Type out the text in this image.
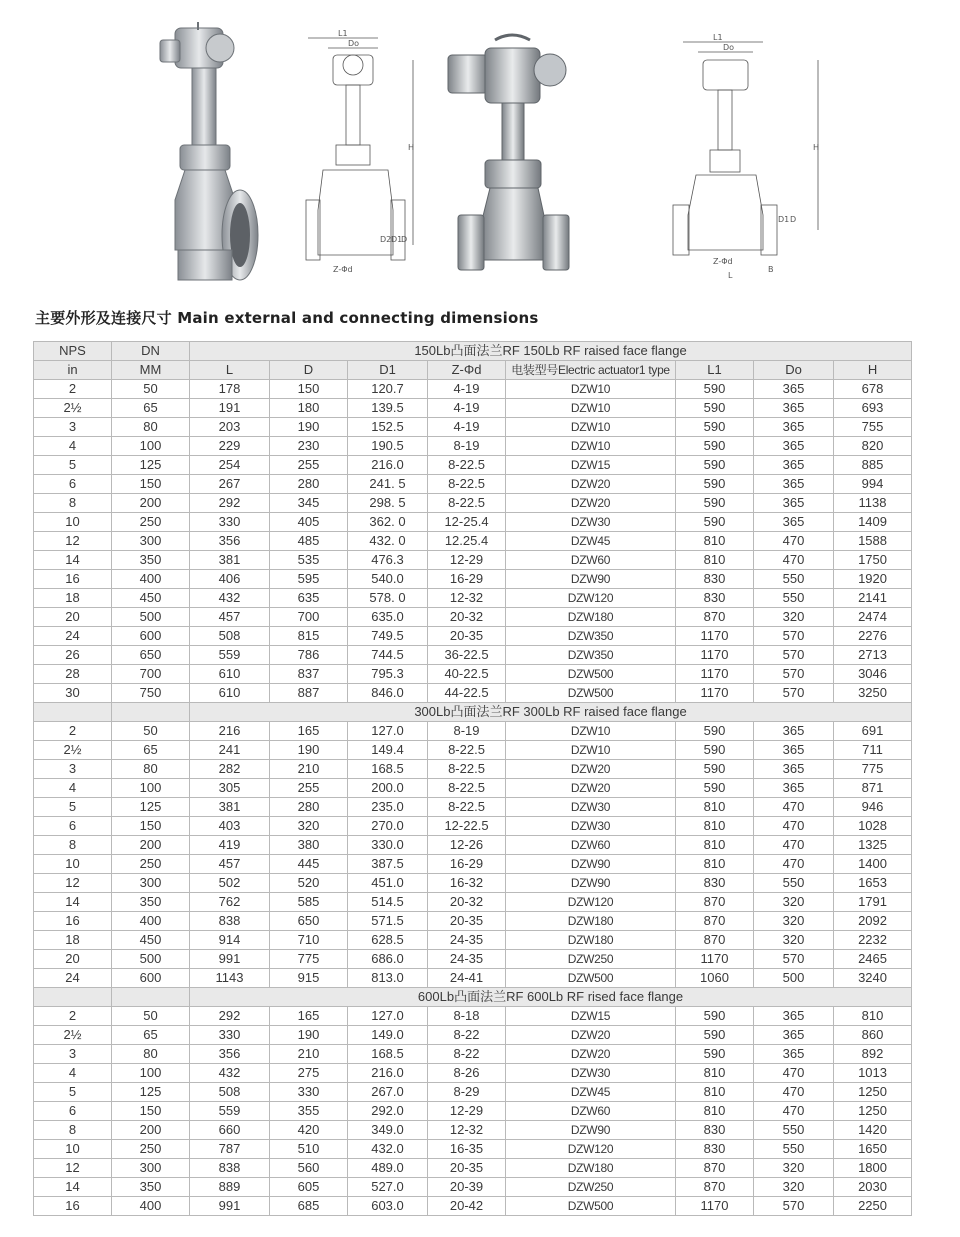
L1
Do
H
D2 D1
D
Z-Φd
L1
Do
H
D1 D
Z-Φd
L
B
主要外形及连接尺寸 Main external and connecting dimensions
NPS	DN	150Lb凸面法兰RF 150Lb RF raised face flange							
in	MM	L	D	D1	Z-Φd	电装型号Electric actuator1 type	L1	Do	H
2	50	178	150	120.7	4-19	DZW10	590	365	678
2½	65	191	180	139.5	4-19	DZW10	590	365	693
3	80	203	190	152.5	4-19	DZW10	590	365	755
4	100	229	230	190.5	8-19	DZW10	590	365	820
5	125	254	255	216.0	8-22.5	DZW15	590	365	885
6	150	267	280	241. 5	8-22.5	DZW20	590	365	994
8	200	292	345	298. 5	8-22.5	DZW20	590	365	1138
10	250	330	405	362. 0	12-25.4	DZW30	590	365	1409
12	300	356	485	432. 0	12.25.4	DZW45	810	470	1588
14	350	381	535	476.3	12-29	DZW60	810	470	1750
16	400	406	595	540.0	16-29	DZW90	830	550	1920
18	450	432	635	578. 0	12-32	DZW120	830	550	2141
20	500	457	700	635.0	20-32	DZW180	870	320	2474
24	600	508	815	749.5	20-35	DZW350	1170	570	2276
26	650	559	786	744.5	36-22.5	DZW350	1170	570	2713
28	700	610	837	795.3	40-22.5	DZW500	1170	570	3046
30	750	610	887	846.0	44-22.5	DZW500	1170	570	3250
		300Lb凸面法兰RF 300Lb RF raised face flange							
2	50	216	165	127.0	8-19	DZW10	590	365	691
2½	65	241	190	149.4	8-22.5	DZW10	590	365	711
3	80	282	210	168.5	8-22.5	DZW20	590	365	775
4	100	305	255	200.0	8-22.5	DZW20	590	365	871
5	125	381	280	235.0	8-22.5	DZW30	810	470	946
6	150	403	320	270.0	12-22.5	DZW30	810	470	1028
8	200	419	380	330.0	12-26	DZW60	810	470	1325
10	250	457	445	387.5	16-29	DZW90	810	470	1400
12	300	502	520	451.0	16-32	DZW90	830	550	1653
14	350	762	585	514.5	20-32	DZW120	870	320	1791
16	400	838	650	571.5	20-35	DZW180	870	320	2092
18	450	914	710	628.5	24-35	DZW180	870	320	2232
20	500	991	775	686.0	24-35	DZW250	1170	570	2465
24	600	1143	915	813.0	24-41	DZW500	1060	500	3240
		600Lb凸面法兰RF 600Lb RF rised face flange							
2	50	292	165	127.0	8-18	DZW15	590	365	810
2½	65	330	190	149.0	8-22	DZW20	590	365	860
3	80	356	210	168.5	8-22	DZW20	590	365	892
4	100	432	275	216.0	8-26	DZW30	810	470	1013
5	125	508	330	267.0	8-29	DZW45	810	470	1250
6	150	559	355	292.0	12-29	DZW60	810	470	1250
8	200	660	420	349.0	12-32	DZW90	830	550	1420
10	250	787	510	432.0	16-35	DZW120	830	550	1650
12	300	838	560	489.0	20-35	DZW180	870	320	1800
14	350	889	605	527.0	20-39	DZW250	870	320	2030
16	400	991	685	603.0	20-42	DZW500	1170	570	2250
